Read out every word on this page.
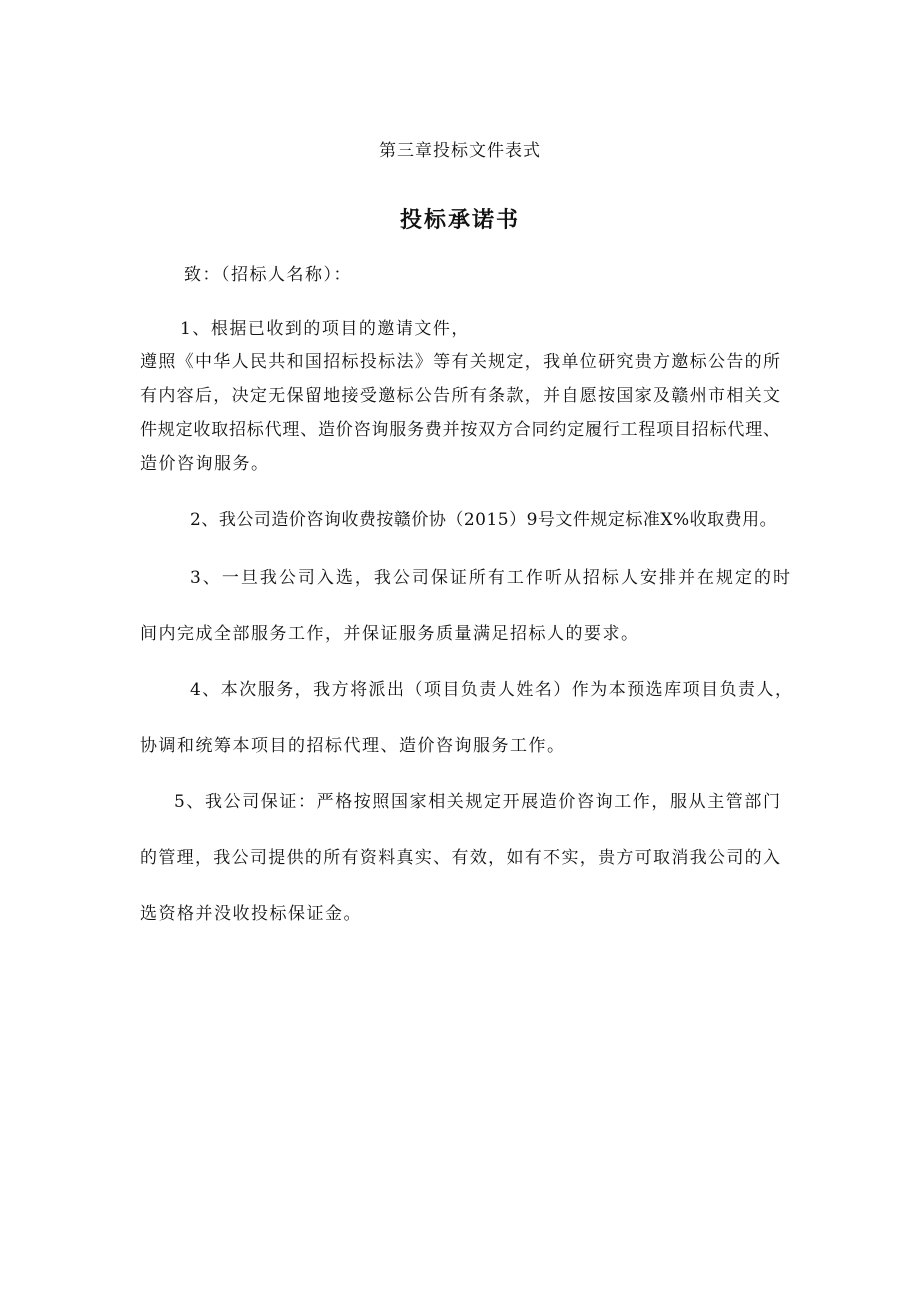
第三章投标文件表式
投标承诺书
致：（招标人名称）：
1、根据已收到的项目的邀请文件，
遵照《中华人民共和国招标投标法》等有关规定，我单位研究贵方邀标公告的所
有内容后，决定无保留地接受邀标公告所有条款，并自愿按国家及赣州市相关文
件规定收取招标代理、造价咨询服务费并按双方合同约定履行工程项目招标代理、
造价咨询服务。
2、我公司造价咨询收费按赣价协（2015）9号文件规定标准X%收取费用。
3、一旦我公司入选，我公司保证所有工作听从招标人安排并在规定的时
间内完成全部服务工作，并保证服务质量满足招标人的要求。
4、本次服务，我方将派出（项目负责人姓名）作为本预选库项目负责人，
协调和统筹本项目的招标代理、造价咨询服务工作。
5、我公司保证：严格按照国家相关规定开展造价咨询工作，服从主管部门
的管理，我公司提供的所有资料真实、有效，如有不实，贵方可取消我公司的入
选资格并没收投标保证金。
